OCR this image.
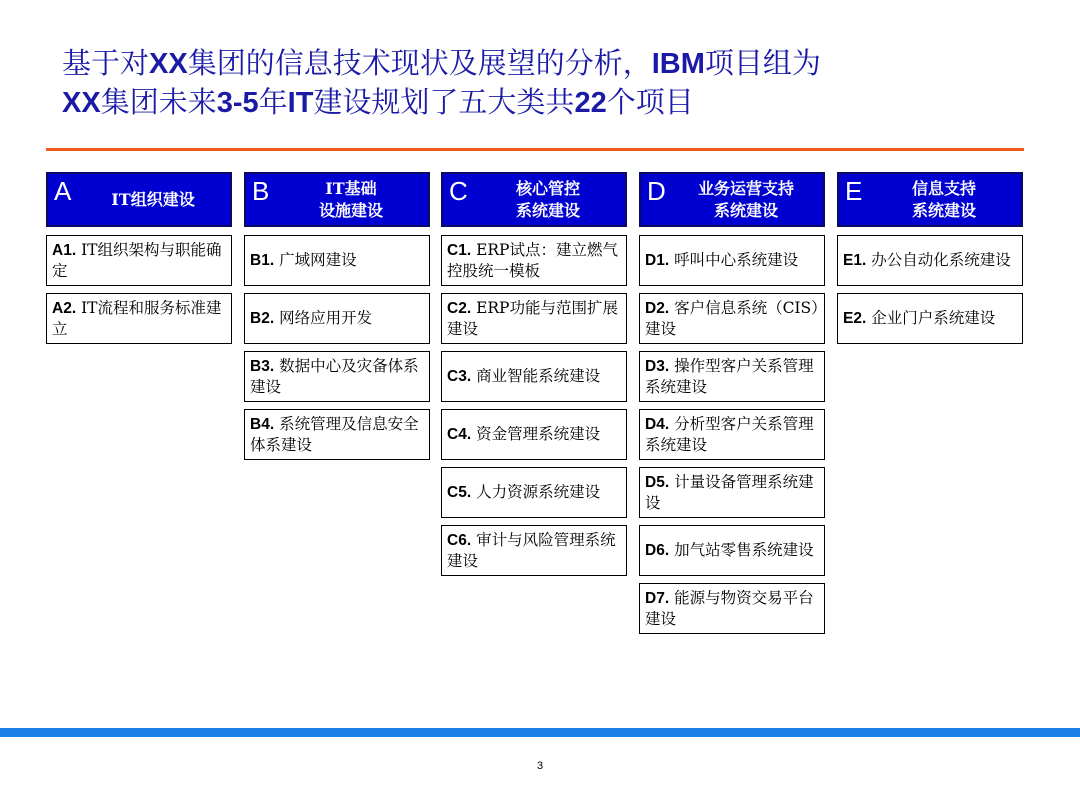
基于对XX集团的信息技术现状及展望的分析，IBM项目组为
XX集团未来3-5年IT建设规划了五大类共22个项目
A	IT组织建设
A1. IT组织架构与职能确定
A2. IT流程和服务标准建立
B	IT基础
设施建设
B1. 广域网建设
B2. 网络应用开发
B3. 数据中心及灾备体系建设
B4. 系统管理及信息安全体系建设
C	核心管控
系统建设
C1. ERP试点：建立燃气控股统一模板
C2. ERP功能与范围扩展建设
C3. 商业智能系统建设
C4. 资金管理系统建设
C5. 人力资源系统建设
C6. 审计与风险管理系统建设
D	业务运营支持
系统建设
D1. 呼叫中心系统建设
D2. 客户信息系统（CIS）建设
D3. 操作型客户关系管理系统建设
D4. 分析型客户关系管理系统建设
D5. 计量设备管理系统建设
D6. 加气站零售系统建设
D7. 能源与物资交易平台建设
E	信息支持
系统建设
E1. 办公自动化系统建设
E2. 企业门户系统建设
3
